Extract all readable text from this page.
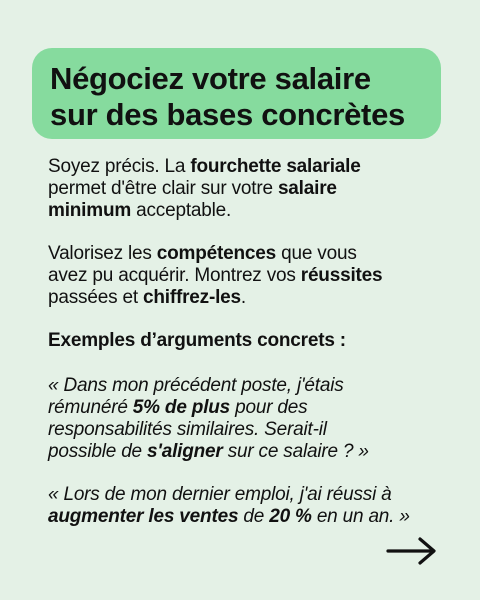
Négociez votre salaire
sur des bases concrètes

Soyez précis. La fourchette salariale
permet d'être clair sur votre salaire
minimum acceptable.

Valorisez les compétences que vous
avez pu acquérir. Montrez vos réussites
passées et chiffrez-les.

Exemples d’arguments concrets :

« Dans mon précédent poste, j'étais
rémunéré 5% de plus pour des
responsabilités similaires. Serait-il
possible de s'aligner sur ce salaire ? »

« Lors de mon dernier emploi, j'ai réussi à
augmenter les ventes de 20 % en un an. »
